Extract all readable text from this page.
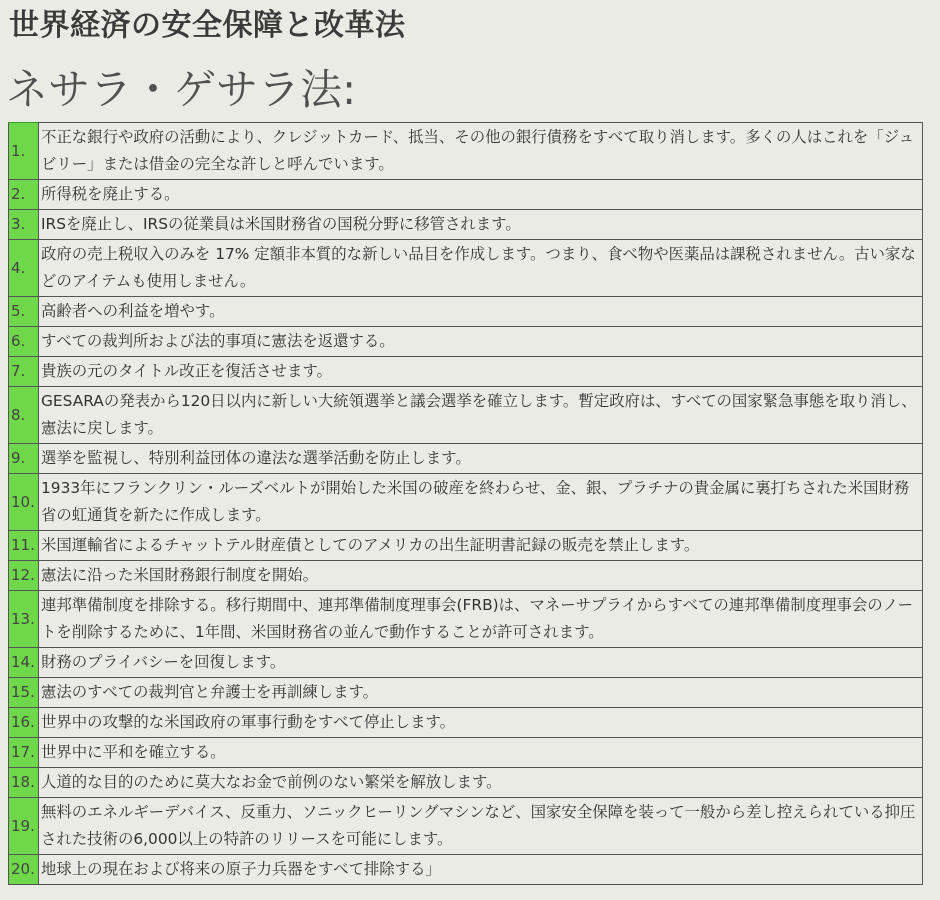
世界経済の安全保障と改革法
ネサラ・ゲサラ法:
1.	不正な銀行や政府の活動により、クレジットカード、抵当、その他の銀行債務をすべて取り消します。多くの人はこれを「ジュビリー」または借金の完全な許しと呼んでいます。
2.	所得税を廃止する。
3.	IRSを廃止し、IRSの従業員は米国財務省の国税分野に移管されます。
4.	政府の売上税収入のみを 17% 定額非本質的な新しい品目を作成します。つまり、食べ物や医薬品は課税されません。古い家などのアイテムも使用しません。
5.	高齢者への利益を増やす。
6.	すべての裁判所および法的事項に憲法を返還する。
7.	貴族の元のタイトル改正を復活させます。
8.	GESARAの発表から120日以内に新しい大統領選挙と議会選挙を確立します。暫定政府は、すべての国家緊急事態を取り消し、憲法に戻します。
9.	選挙を監視し、特別利益団体の違法な選挙活動を防止します。
10.	1933年にフランクリン・ルーズベルトが開始した米国の破産を終わらせ、金、銀、プラチナの貴金属に裏打ちされた米国財務省の虹通貨を新たに作成します。
11.	米国運輸省によるチャットテル財産債としてのアメリカの出生証明書記録の販売を禁止します。
12.	憲法に沿った米国財務銀行制度を開始。
13.	連邦準備制度を排除する。移行期間中、連邦準備制度理事会(FRB)は、マネーサプライからすべての連邦準備制度理事会のノートを削除するために、1年間、米国財務省の並んで動作することが許可されます。
14.	財務のプライバシーを回復します。
15.	憲法のすべての裁判官と弁護士を再訓練します。
16.	世界中の攻撃的な米国政府の軍事行動をすべて停止します。
17.	世界中に平和を確立する。
18.	人道的な目的のために莫大なお金で前例のない繁栄を解放します。
19.	無料のエネルギーデバイス、反重力、ソニックヒーリングマシンなど、国家安全保障を装って一般から差し控えられている抑圧された技術の6,000以上の特許のリリースを可能にします。
20.	地球上の現在および将来の原子力兵器をすべて排除する」
